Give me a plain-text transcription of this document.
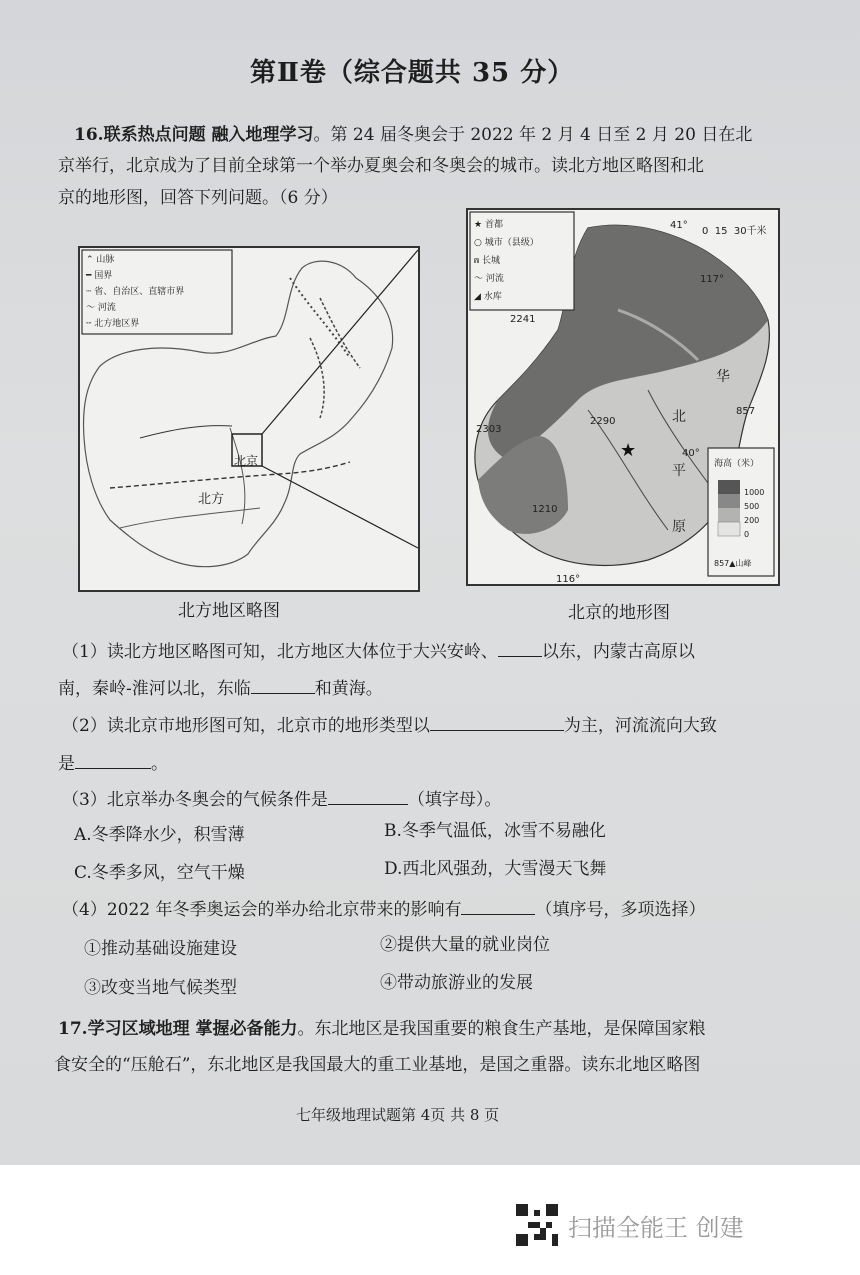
第Ⅱ卷（综合题共 35 分）
16.联系热点问题 融入地理学习。第 24 届冬奥会于 2022 年 2 月 4 日至 2 月 20 日在北
京举行，北京成为了目前全球第一个举办夏奥会和冬奥会的城市。读北方地区略图和北
京的地形图，回答下列问题。（6 分）
⌃ 山脉
━ 国界
┄ 省、自治区、直辖市界
〜 河流
╌ 北方地区界
北京
北方
北方地区略图
★
★ 首都
○ 城市（县级）
⩎ 长城
〜 河流
◢ 水库
0 15 30千米
41°
117°
40°
116°
2241
2303
2290
1210
857
华
北
平
原
海高（米）
1000
500
200
0
857▲山峰
北京的地形图
（1）读北方地区略图可知，北方地区大体位于大兴安岭、	以东，内蒙古高原以
南，秦岭-淮河以北，东临	和黄海。
（2）读北京市地形图可知，北京市的地形类型以	为主，河流流向大致
是	。
（3）北京举办冬奥会的气候条件是	（填字母）。
A.冬季降水少，积雪薄	B.冬季气温低，冰雪不易融化
C.冬季多风，空气干燥	D.西北风强劲，大雪漫天飞舞
（4）2022 年冬季奥运会的举办给北京带来的影响有	（填序号，多项选择）
①推动基础设施建设	②提供大量的就业岗位
③改变当地气候类型	④带动旅游业的发展
17.学习区域地理 掌握必备能力。东北地区是我国重要的粮食生产基地，是保障国家粮
食安全的“压舱石”，东北地区是我国最大的重工业基地，是国之重器。读东北地区略图
七年级地理试题第 4页 共 8 页
扫描全能王 创建
